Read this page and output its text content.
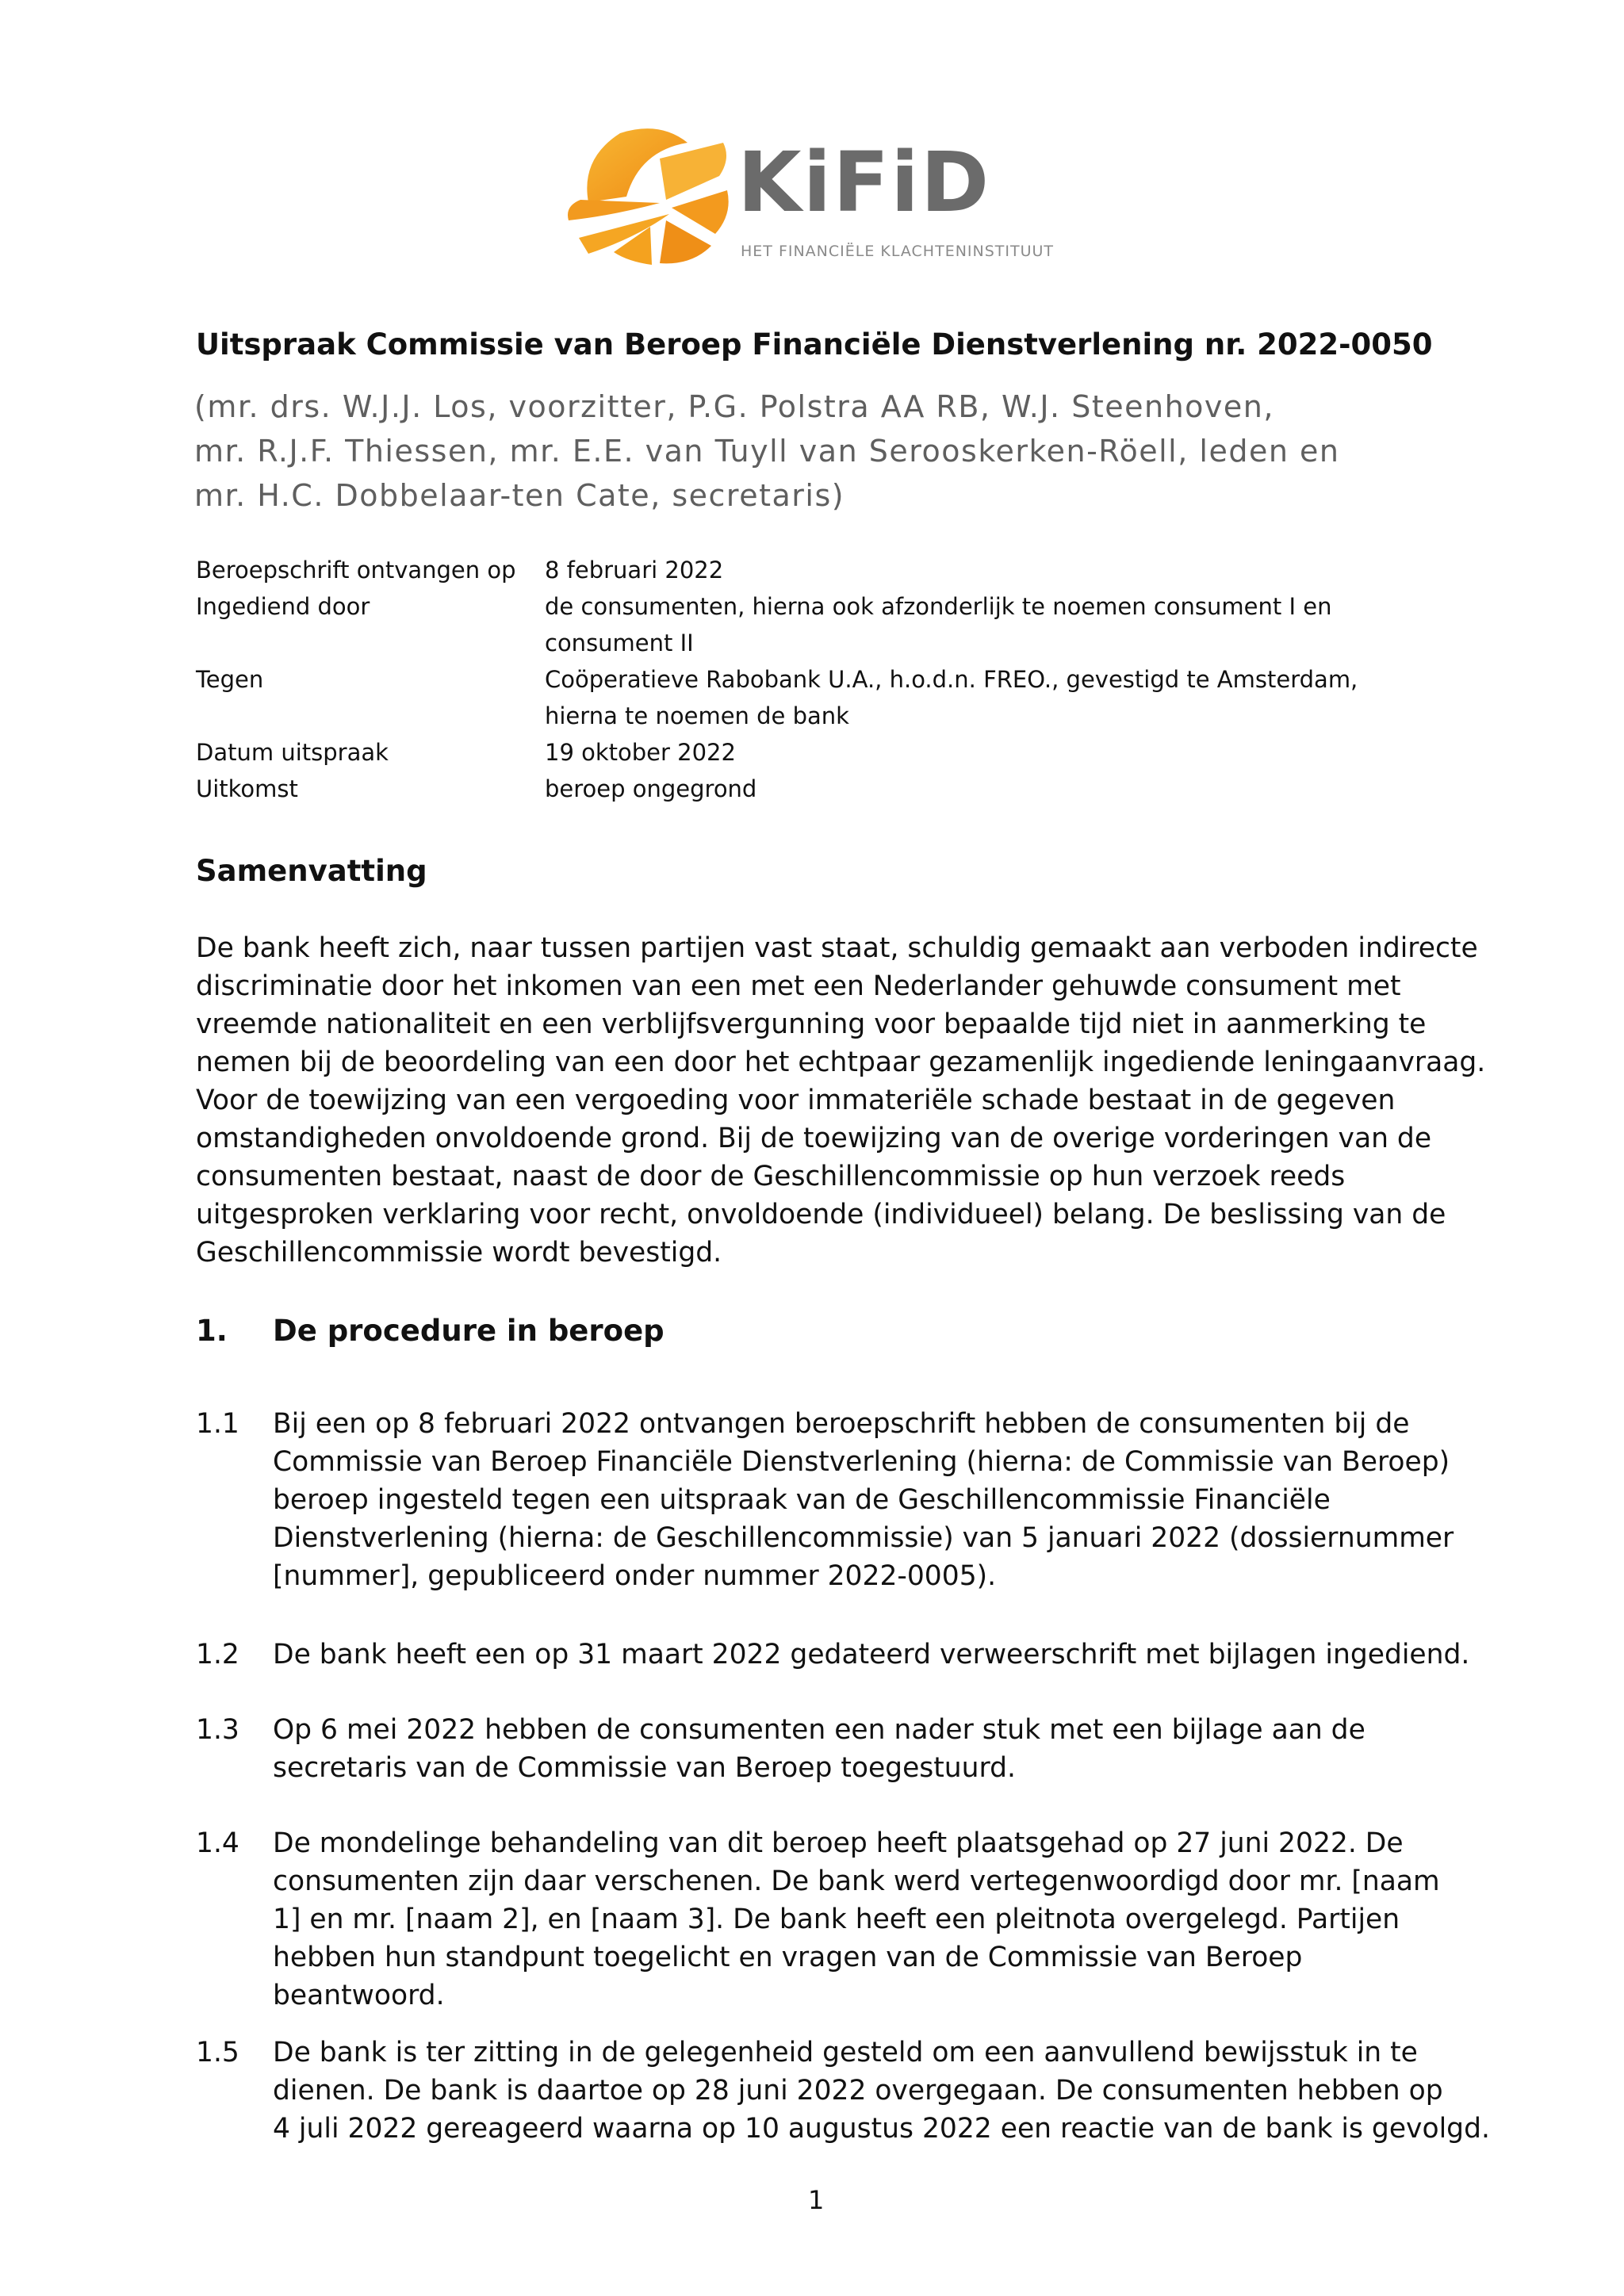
KiFiD
HET FINANCIËLE KLACHTENINSTITUUT
Uitspraak Commissie van Beroep Financiële Dienstverlening nr. 2022-0050
(mr. drs. W.J.J. Los, voorzitter, P.G. Polstra AA RB, W.J. Steenhoven,
mr. R.J.F. Thiessen, mr. E.E. van Tuyll van Serooskerken-Röell, leden en
mr. H.C. Dobbelaar-ten Cate, secretaris)
Beroepschrift ontvangen op	8 februari 2022
Ingediend door	de consumenten, hierna ook afzonderlijk te noemen consument I en
consument II
Tegen	Coöperatieve Rabobank U.A., h.o.d.n. FREO., gevestigd te Amsterdam,
hierna te noemen de bank
Datum uitspraak	19 oktober 2022
Uitkomst	beroep ongegrond
Samenvatting
De bank heeft zich, naar tussen partijen vast staat, schuldig gemaakt aan verboden indirecte
discriminatie door het inkomen van een met een Nederlander gehuwde consument met
vreemde nationaliteit en een verblijfsvergunning voor bepaalde tijd niet in aanmerking te
nemen bij de beoordeling van een door het echtpaar gezamenlijk ingediende leningaanvraag.
Voor de toewijzing van een vergoeding voor immateriële schade bestaat in de gegeven
omstandigheden onvoldoende grond. Bij de toewijzing van de overige vorderingen van de
consumenten bestaat, naast de door de Geschillencommissie op hun verzoek reeds
uitgesproken verklaring voor recht, onvoldoende (individueel) belang. De beslissing van de
Geschillencommissie wordt bevestigd.
1. De procedure in beroep
1.1	Bij een op 8 februari 2022 ontvangen beroepschrift hebben de consumenten bij de
Commissie van Beroep Financiële Dienstverlening (hierna: de Commissie van Beroep)
beroep ingesteld tegen een uitspraak van de Geschillencommissie Financiële
Dienstverlening (hierna: de Geschillencommissie) van 5 januari 2022 (dossiernummer
[nummer], gepubliceerd onder nummer 2022-0005).
1.2	De bank heeft een op 31 maart 2022 gedateerd verweerschrift met bijlagen ingediend.
1.3	Op 6 mei 2022 hebben de consumenten een nader stuk met een bijlage aan de
secretaris van de Commissie van Beroep toegestuurd.
1.4	De mondelinge behandeling van dit beroep heeft plaatsgehad op 27 juni 2022. De
consumenten zijn daar verschenen. De bank werd vertegenwoordigd door mr. [naam
1] en mr. [naam 2], en [naam 3]. De bank heeft een pleitnota overgelegd. Partijen
hebben hun standpunt toegelicht en vragen van de Commissie van Beroep
beantwoord.
1.5	De bank is ter zitting in de gelegenheid gesteld om een aanvullend bewijsstuk in te
dienen. De bank is daartoe op 28 juni 2022 overgegaan. De consumenten hebben op
4 juli 2022 gereageerd waarna op 10 augustus 2022 een reactie van de bank is gevolgd.
1
